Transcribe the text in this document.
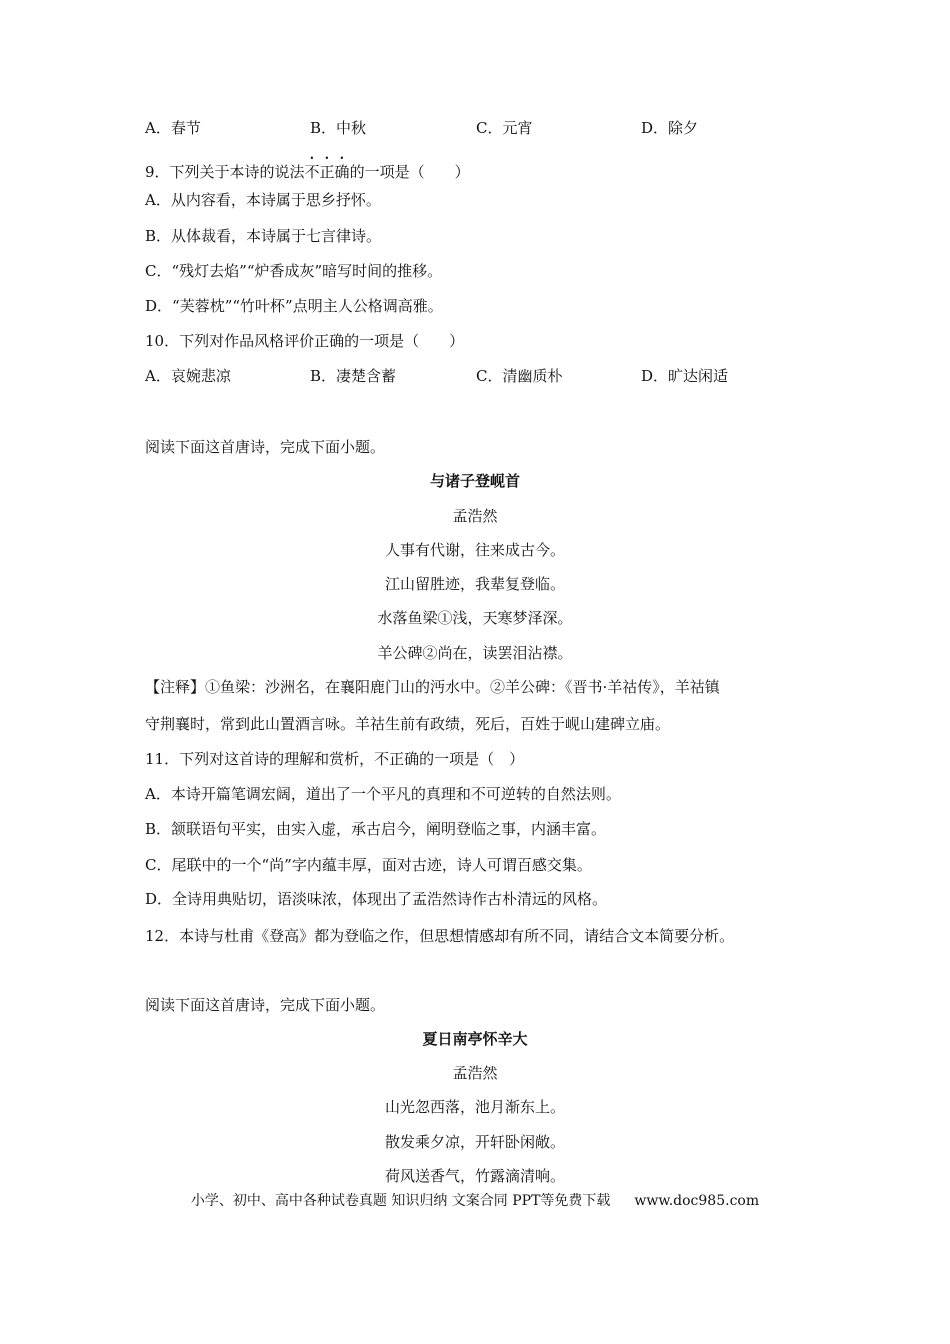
A．春节	B．中秋	C．元宵	D．除夕
9．下列关于本诗的说法不正确的一项是（　　）
A．从内容看，本诗属于思乡抒怀。
B．从体裁看，本诗属于七言律诗。
C．“残灯去焰”“炉香成灰”暗写时间的推移。
D．“芙蓉枕”“竹叶杯”点明主人公格调高雅。
10．下列对作品风格评价正确的一项是（　　）
A．哀婉悲凉	B．凄楚含蓄	C．清幽质朴	D．旷达闲适
阅读下面这首唐诗，完成下面小题。
与诸子登岘首
孟浩然
人事有代谢，往来成古今。
江山留胜迹，我辈复登临。
水落鱼梁①浅，天寒梦泽深。
羊公碑②尚在，读罢泪沾襟。
【注释】①鱼梁：沙洲名，在襄阳鹿门山的沔水中。②羊公碑：《晋书·羊祜传》，羊祜镇
守荆襄时，常到此山置酒言咏。羊祜生前有政绩，死后，百姓于岘山建碑立庙。
11．下列对这首诗的理解和赏析，不正确的一项是（　）
A．本诗开篇笔调宏阔，道出了一个平凡的真理和不可逆转的自然法则。
B．颔联语句平实，由实入虚，承古启今，阐明登临之事，内涵丰富。
C．尾联中的一个“尚”字内蕴丰厚，面对古迹，诗人可谓百感交集。
D．全诗用典贴切，语淡味浓，体现出了孟浩然诗作古朴清远的风格。
12．本诗与杜甫《登高》都为登临之作，但思想情感却有所不同，请结合文本简要分析。
阅读下面这首唐诗，完成下面小题。
夏日南亭怀辛大
孟浩然
山光忽西落，池月渐东上。
散发乘夕凉，开轩卧闲敞。
荷风送香气，竹露滴清响。
小学、初中、高中各种试卷真题 知识归纳 文案合同 PPT等免费下载 www.doc985.com
